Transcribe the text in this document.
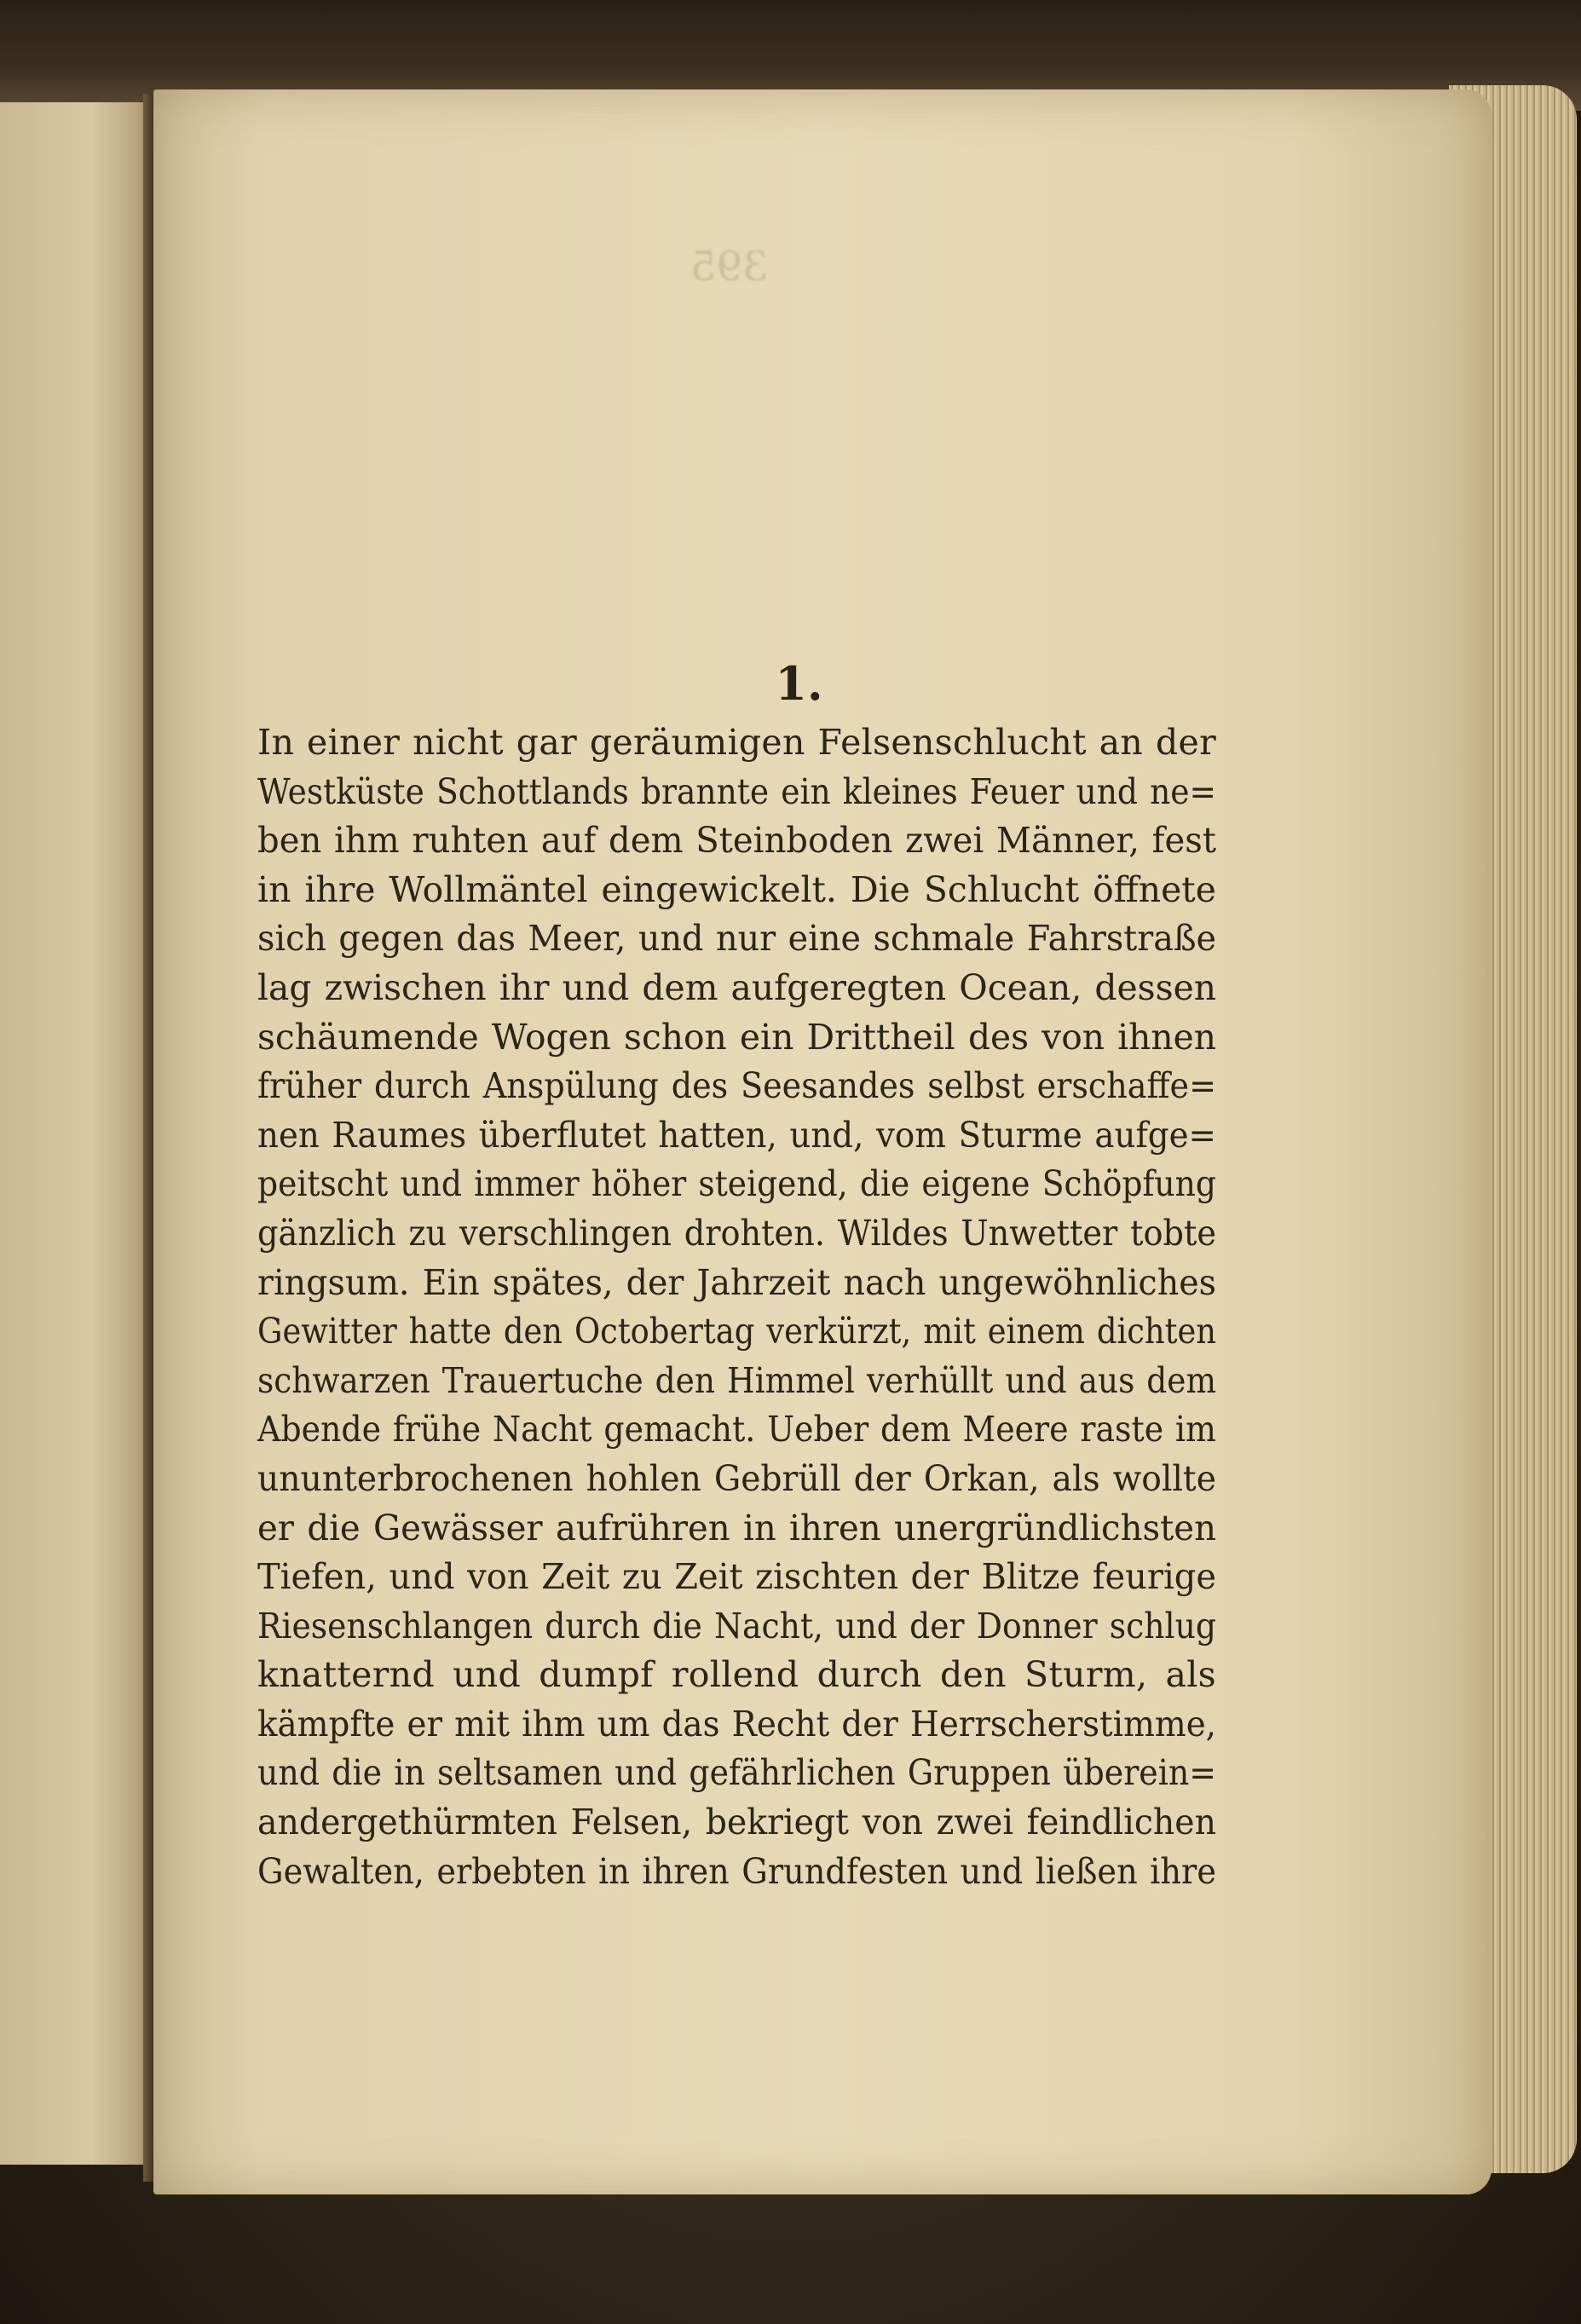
395
1.
In einer nicht gar geräumigen Felsenschlucht an der
Westküste Schottlands brannte ein kleines Feuer und ne=
ben ihm ruhten auf dem Steinboden zwei Männer, fest
in ihre Wollmäntel eingewickelt. Die Schlucht öffnete
sich gegen das Meer, und nur eine schmale Fahrstraße
lag zwischen ihr und dem aufgeregten Ocean, dessen
schäumende Wogen schon ein Drittheil des von ihnen
früher durch Anspülung des Seesandes selbst erschaffe=
nen Raumes überflutet hatten, und, vom Sturme aufge=
peitscht und immer höher steigend, die eigene Schöpfung
gänzlich zu verschlingen drohten. Wildes Unwetter tobte
ringsum. Ein spätes, der Jahrzeit nach ungewöhnliches
Gewitter hatte den Octobertag verkürzt, mit einem dichten
schwarzen Trauertuche den Himmel verhüllt und aus dem
Abende frühe Nacht gemacht. Ueber dem Meere raste im
ununterbrochenen hohlen Gebrüll der Orkan, als wollte
er die Gewässer aufrühren in ihren unergründlichsten
Tiefen, und von Zeit zu Zeit zischten der Blitze feurige
Riesenschlangen durch die Nacht, und der Donner schlug
knatternd und dumpf rollend durch den Sturm, als
kämpfte er mit ihm um das Recht der Herrscherstimme,
und die in seltsamen und gefährlichen Gruppen überein=
andergethürmten Felsen, bekriegt von zwei feindlichen
Gewalten, erbebten in ihren Grundfesten und ließen ihre
